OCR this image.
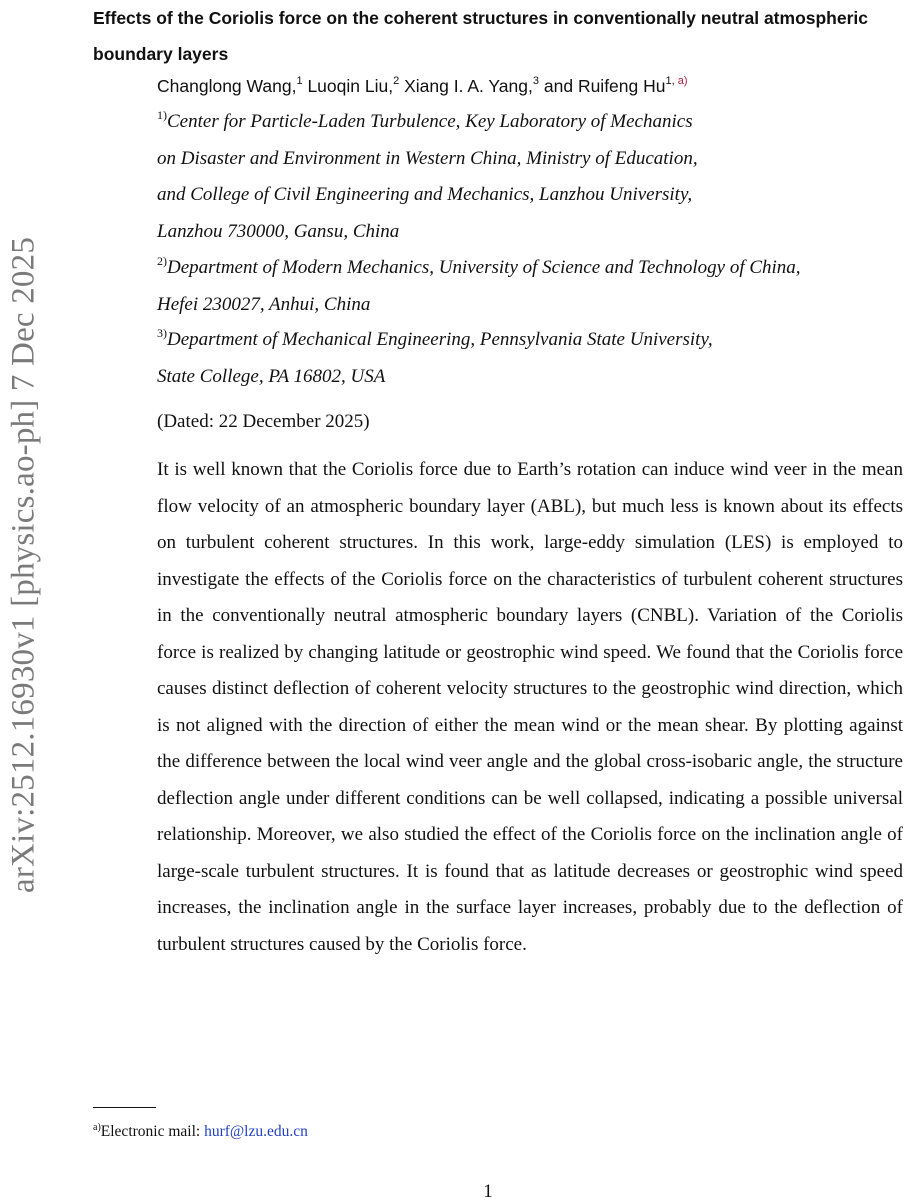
arXiv:2512.16930v1 [physics.ao-ph] 7 Dec 2025
Effects of the Coriolis force on the coherent structures in conventionally neutral atmospheric boundary layers
Changlong Wang,$^1$ Luoqin Liu,$^2$ Xiang I. A. Yang,$^3$ and Ruifeng Hu$^{1, a)}$

$^{1)}$Center for Particle-Laden Turbulence, Key Laboratory of Mechanics

on Disaster and Environment in Western China, Ministry of Education,

and College of Civil Engineering and Mechanics, Lanzhou University,

Lanzhou 730000, Gansu, China

$^{2)}$Department of Modern Mechanics, University of Science and Technology of China,

Hefei 230027, Anhui, China

$^{3)}$Department of Mechanical Engineering, Pennsylvania State University,

State College, PA 16802, USA

(Dated: 22 December 2025)

It is well known that the Coriolis force due to Earth’s rotation can induce wind veer in the mean flow velocity of an atmospheric boundary layer (ABL), but much less is known about its effects on turbulent coherent structures. In this work, large-eddy simulation (LES) is employed to investigate the effects of the Coriolis force on the characteristics of turbulent coherent structures in the conventionally neutral atmospheric boundary layers (CNBL). Variation of the Coriolis force is realized by changing latitude or geostrophic wind speed. We found that the Coriolis force causes distinct deflection of coherent velocity structures to the geostrophic wind direction, which is not aligned with the direction of either the mean wind or the mean shear. By plotting against the difference between the local wind veer angle and the global cross-isobaric angle, the structure deflection angle under different conditions can be well collapsed, indicating a possible universal relationship. Moreover, we also studied the effect of the Coriolis force on the inclination angle of large-scale turbulent structures. It is found that as latitude decreases or geostrophic wind speed increases, the inclination angle in the surface layer increases, probably due to the deflection of turbulent structures caused by the Coriolis force.

$^{a)}$Electronic mail: hurf@lzu.edu.cn
1
